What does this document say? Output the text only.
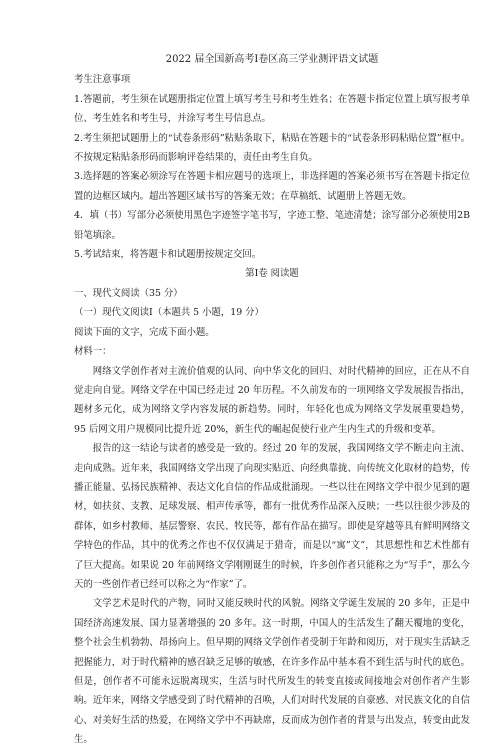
2022 届全国新高考Ⅰ卷区高三学业测评语文试题
考生注意事项
1.答题前，考生须在试题册指定位置上填写考生号和考生姓名；在答题卡指定位置上填写报考单位、考生姓名和考生号，并涂写考生号信息点。
2.考生须把试题册上的“试卷条形码”粘贴条取下，粘贴在答题卡的“试卷条形码粘贴位置”框中。不按规定粘贴条形码而影响评卷结果的，责任由考生自负。
3.选择题的答案必须涂写在答题卡相应题号的选项上，非选择题的答案必须书写在答题卡指定位置的边框区域内。超出答题区域书写的答案无效；在草稿纸、试题册上答题无效。
4．填（书）写部分必须使用黑色字迹签字笔书写，字迹工整、笔迹清楚；涂写部分必须使用2B 铅笔填涂。
5.考试结束，将答题卡和试题册按规定交回。
第Ⅰ卷 阅读题
一、现代文阅读（35 分）
（一）现代文阅读Ⅰ（本题共 5 小题，19 分）
阅读下面的文字，完成下面小题。
材料一：
网络文学创作者对主流价值观的认同、向中华文化的回归、对时代精神的回应，正在从不自觉走向自觉。网络文学在中国已经走过 20 年历程。不久前发布的一项网络文学发展报告指出，题材多元化，成为网络文学内容发展的新趋势。同时，年轻化也成为网络文学发展重要趋势，95 后网文用户规模同比提升近 20%，新生代的崛起促使行业产生内生式的升级和变革。
报告的这一结论与读者的感受是一致的。经过 20 年的发展，我国网络文学不断走向主流、走向成熟。近年来，我国网络文学出现了向现实贴近、向经典靠拢、向传统文化取材的趋势，传播正能量、弘扬民族精神、表达文化自信的作品成批涌现。一些以往在网络文学中很少见到的题材，如扶贫、支教、足球发展、相声传承等，都有一批优秀作品深入反映；一些以往很少涉及的群体，如乡村教师、基层警察、农民、牧民等，都有作品在描写。即使是穿越等具有鲜明网络文学特色的作品，其中的优秀之作也不仅仅满足于猎奇，而是以“寓”文”，其思想性和艺术性都有了巨大提高。如果说 20 年前网络文学刚刚诞生的时候，许多创作者只能称之为“写手”，那么今天的一些创作者已经可以称之为“作家”了。
文学艺术是时代的产物，同时又能反映时代的风貌。网络文学诞生发展的 20 多年，正是中国经济高速发展、国力显著增强的 20 多年。这一时期，中国人的生活发生了翻天覆地的变化，整个社会生机勃勃、昂扬向上。但早期的网络文学创作者受制于年龄和阅历，对于现实生活缺乏把握能力，对于时代精神的感召缺乏足够的敏感，在许多作品中基本看不到生活与时代的底色。但是，创作者不可能永远脱离现实，生活与时代所发生的转变直接或间接地会对创作者产生影响。近年来，网络文学感受到了时代精神的召唤，人们对时代发展的自豪感、对民族文化的自信心、对美好生活的热爱，在网络文学中不再缺席，反而成为创作者的背景与出发点，转变由此发生。
